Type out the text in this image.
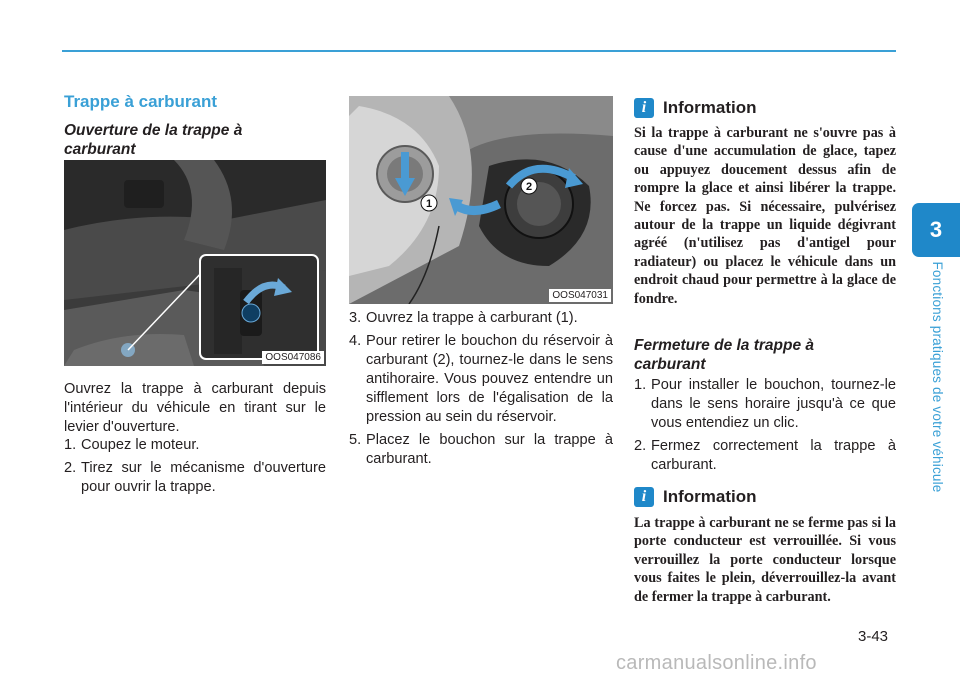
3
Fonctions pratiques de votre véhicule
Trappe à carburant
Ouverture de la trappe à carburant
OOS047086

Ouvrez la trappe à carburant depuis l'intérieur du véhicule en tirant sur le levier d'ouverture.

1. Coupez le moteur.
2. Tirez sur le mécanisme d'ouverture pour ouvrir la trappe.
1
2
OOS047031
3. Ouvrez la trappe à carburant (1).
4. Pour retirer le bouchon du réservoir à carburant (2), tournez-le dans le sens antihoraire. Vous pouvez entendre un sifflement lors de l'égalisation de la pression au sein du réservoir.
5. Placez le bouchon sur la trappe à carburant.
i Information
Si la trappe à carburant ne s'ouvre pas à cause d'une accumulation de glace, tapez ou appuyez doucement dessus afin de rompre la glace et ainsi libérer la trappe. Ne forcez pas. Si nécessaire, pulvérisez autour de la trappe un liquide dégivrant agréé (n'utilisez pas d'antigel pour radiateur) ou placez le véhicule dans un endroit chaud pour permettre à la glace de fondre.
Fermeture de la trappe à carburant
1. Pour installer le bouchon, tournez-le dans le sens horaire jusqu'à ce que vous entendiez un clic.
2. Fermez correctement la trappe à carburant.
i Information
La trappe à carburant ne se ferme pas si la porte conducteur est verrouillée. Si vous verrouillez la porte conducteur lorsque vous faites le plein, déverrouillez-la avant de fermer la trappe à carburant.
3-43
carmanualsonline.info
